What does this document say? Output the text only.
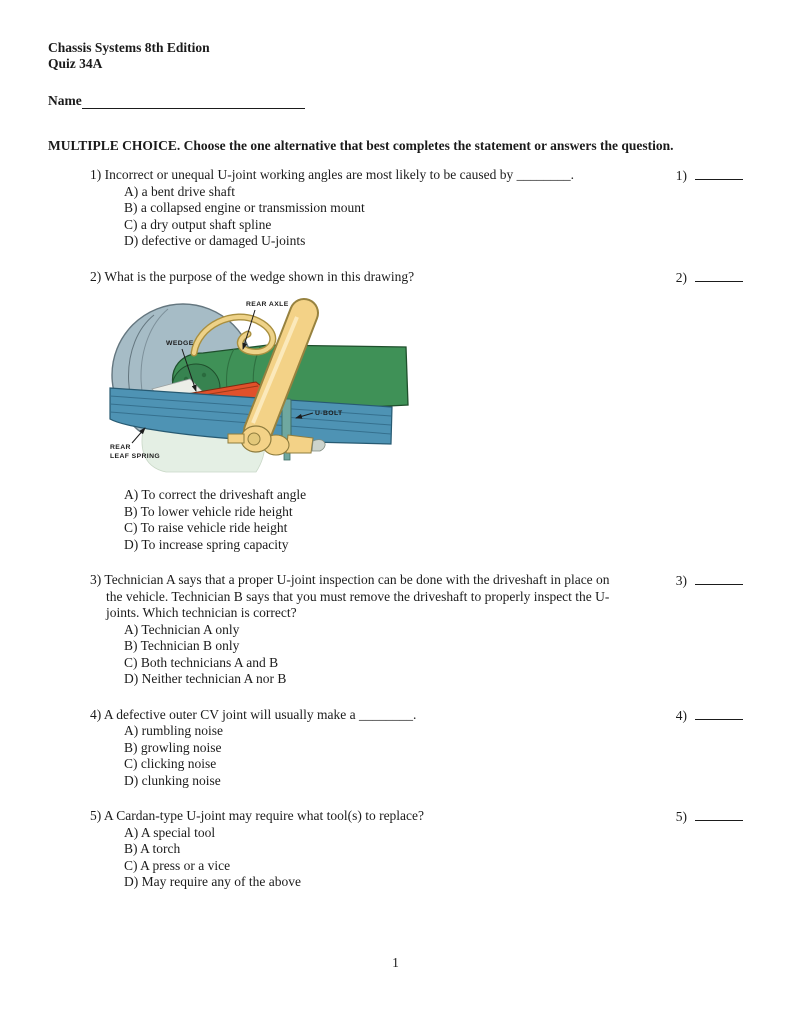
Chassis Systems 8th Edition
Quiz 34A
Name
MULTIPLE CHOICE. Choose the one alternative that best completes the statement or answers the question.
1) Incorrect or unequal U-joint working angles are most likely to be caused by ________.
A) a bent drive shaft
B) a collapsed engine or transmission mount
C) a dry output shaft spline
D) defective or damaged U-joints
1)
2) What is the purpose of the wedge shown in this drawing?
REAR AXLE
WEDGE
U-BOLT
REAR
LEAF SPRING
A) To correct the driveshaft angle
B) To lower vehicle ride height
C) To raise vehicle ride height
D) To increase spring capacity
2)
3) Technician A says that a proper U-joint inspection can be done with the driveshaft in place on the vehicle. Technician B says that you must remove the driveshaft to properly inspect the U-joints. Which technician is correct?
A) Technician A only
B) Technician B only
C) Both technicians A and B
D) Neither technician A nor B
3)
4) A defective outer CV joint will usually make a ________.
A) rumbling noise
B) growling noise
C) clicking noise
D) clunking noise
4)
5) A Cardan-type U-joint may require what tool(s) to replace?
A) A special tool
B) A torch
C) A press or a vice
D) May require any of the above
5)
1
